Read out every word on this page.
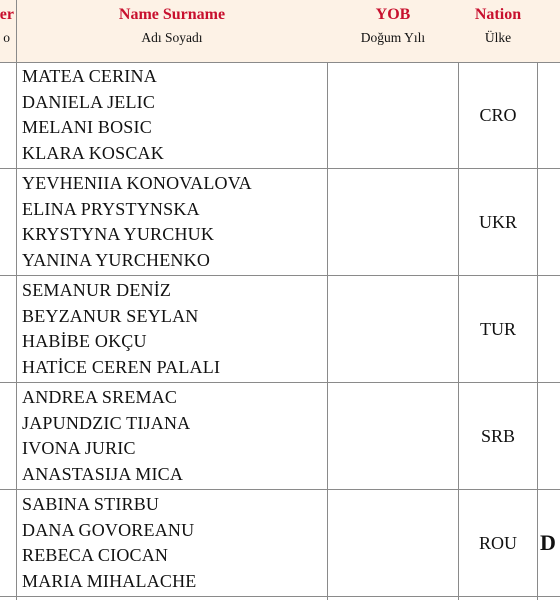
er
o
Name Surname
Adı Soyadı
YOB
Doğum Yılı
Nation
Ülke
MATEA CERINA
DANIELA JELIC
MELANI BOSIC
KLARA KOSCAK
CRO
YEVHENIIA KONOVALOVA
ELINA PRYSTYNSKA
KRYSTYNA YURCHUK
YANINA YURCHENKO
UKR
SEMANUR DENİZ
BEYZANUR SEYLAN
HABİBE OKÇU
HATİCE CEREN PALALI
TUR
ANDREA SREMAC
JAPUNDZIC TIJANA
IVONA JURIC
ANASTASIJA MICA
SRB
SABINA STIRBU
DANA GOVOREANU
REBECA CIOCAN
MARIA MIHALACHE
ROU	D
